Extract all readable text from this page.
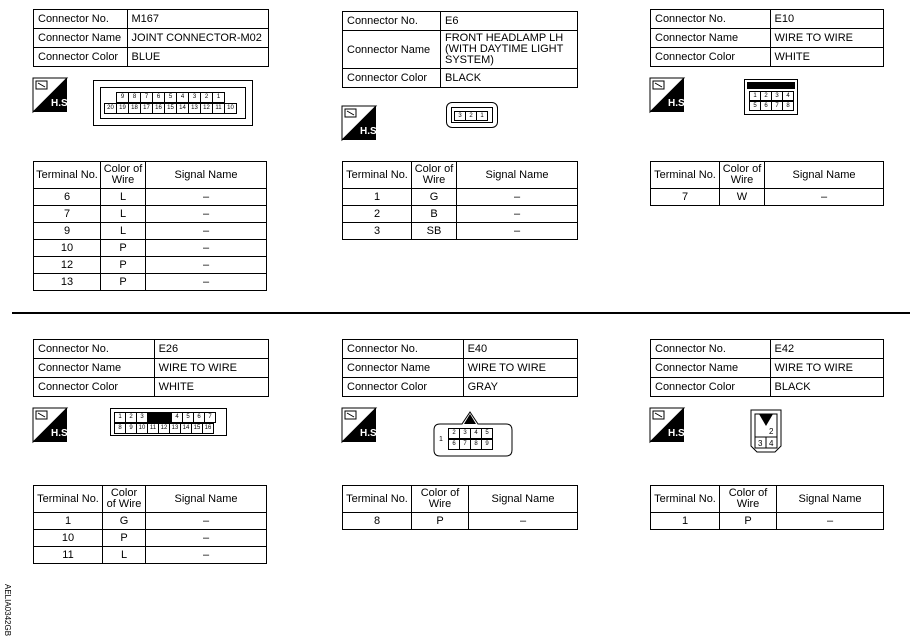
Connector No.	M167
Connector Name	JOINT CONNECTOR-M02
Connector Color	BLUE
H.S.
9	8	7	6	5	4	3	2	1
20 19 18 17 16 15 14 13 12 11 10
Terminal No.	Color of Wire	Signal Name
6	L	–
7	L	–
9	L	–
10	P	–
12	P	–
13	P	–
Connector No.	E6
Connector Name	FRONT HEADLAMP LH (WITH DAYTIME LIGHT SYSTEM)
Connector Color	BLACK
H.S.
3	2	1
Terminal No.	Color of Wire	Signal Name
1	G	–
2	B	–
3	SB	–
Connector No.	E10
Connector Name	WIRE TO WIRE
Connector Color	WHITE
H.S.
1	2	3	4
5	6	7	8
Terminal No.	Color of Wire	Signal Name
7	W	–
Connector No.	E26
Connector Name	WIRE TO WIRE
Connector Color	WHITE
H.S.
1	2	3	4	5	6	7
8	9 10 11 12 13 14 15 16
Terminal No.	Color of Wire	Signal Name
1	G	–
10	P	–
11	L	–
Connector No.	E40
Connector Name	WIRE TO WIRE
Connector Color	GRAY
H.S.
1
2	3	4	5
6	7	8	9
Terminal No.	Color of Wire	Signal Name
8	P	–
Connector No.	E42
Connector Name	WIRE TO WIRE
Connector Color	BLACK
H.S.	2
3 4
Terminal No.	Color of Wire	Signal Name
1	P	–
AELIA0342GB
